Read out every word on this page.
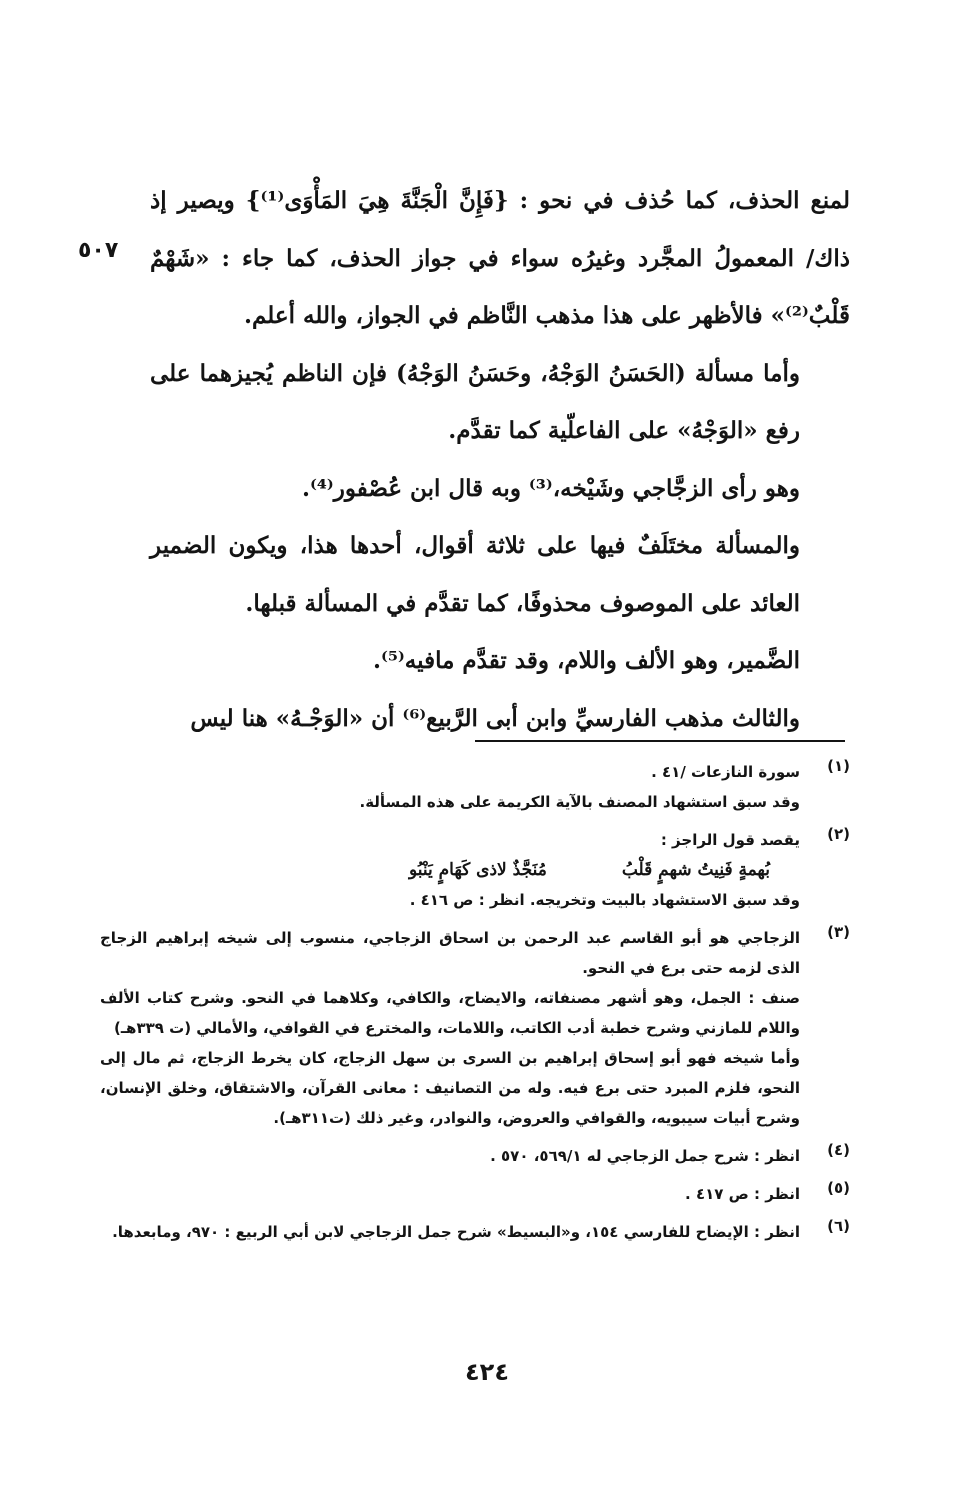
٥٠٧

لمنع الحذف، كما حُذف في نحو : {فَإِنَّ الْجَنَّةَ هِيَ المَأْوَى⁽¹⁾} ويصير إذ ذاك/ المعمولُ المجَّرد وغيرُه سواء في جواز الحذف، كما جاء : «شَهْمٌ قَلْبٌ⁽²⁾» فالأظهر على هذا مذهب النَّاظم في الجواز، والله أعلم.

وأما مسألة (الحَسَنُ الوَجْهُ، وحَسَنُ الوَجْهُ) فإن الناظم يُجيزهما على رفع «الوَجْهُ» على الفاعلّية كما تقدَّم.

وهو رأى الزجَّاجي وشَيْخه،⁽³⁾ وبه قال ابن عُصْفور⁽⁴⁾.

والمسألة مختَلَفٌ فيها على ثلاثة أقوال، أحدها هذا، ويكون الضمير العائد على الموصوف محذوفًا، كما تقدَّم في المسألة قبلها.

الضَّمير، وهو الألف واللام، وقد تقدَّم مافيه⁽⁵⁾.

والثالث مذهب الفارسيِّ وابن أبى الرَّبيع⁽⁶⁾ أن «الوَجْـهُ» هنا ليس

(١)
سورة النازعات /٤١ .
وقد سبق استشهاد المصنف بالآية الكريمة على هذه المسألة.
(٢)
يقصد قول الراجز :
بُهمةٍ فَنِيتُ شهمٍ قَلْبُ
مُنَجَّذٌ لاذى كَهَامٍ يَنْبُو
وقد سبق الاستشهاد بالبيت وتخريجه. انظر : ص ٤١٦ .
(٣)
الزجاجي هو أبو القاسم عبد الرحمن بن اسحاق الزجاجي، منسوب إلى شيخه إبراهيم الزجاج الذى لزمه حتى برع في النحو.
صنف : الجمل، وهو أشهر مصنفاته، والايضاح، والكافي، وكلاهما في النحو. وشرح كتاب الألف واللام للمازني وشرح خطبة أدب الكاتب، واللامات، والمخترع في القوافي، والأمالي (ت ٣٣٩هـ)
وأما شيخه فهو أبو إسحاق إبراهيم بن السرى بن سهل الزجاج، كان يخرط الزجاج، ثم مال إلى النحو، فلزم المبرد حتى برع فيه. وله من التصانيف : معانى القرآن، والاشتقاق، وخلق الإنسان، وشرح أبيات سيبويه، والقوافي والعروض، والنوادر، وغير ذلك (ت٣١١هـ).
(٤)
انظر : شرح جمل الزجاجي له ٥٦٩/١، ٥٧٠ .
(٥)
انظر : ص ٤١٧ .
(٦)
انظر : الإيضاح للفارسي ١٥٤، و«البسيط» شرح جمل الزجاجي لابن أبي الربيع : ٩٧٠، ومابعدها.
٤٢٤
